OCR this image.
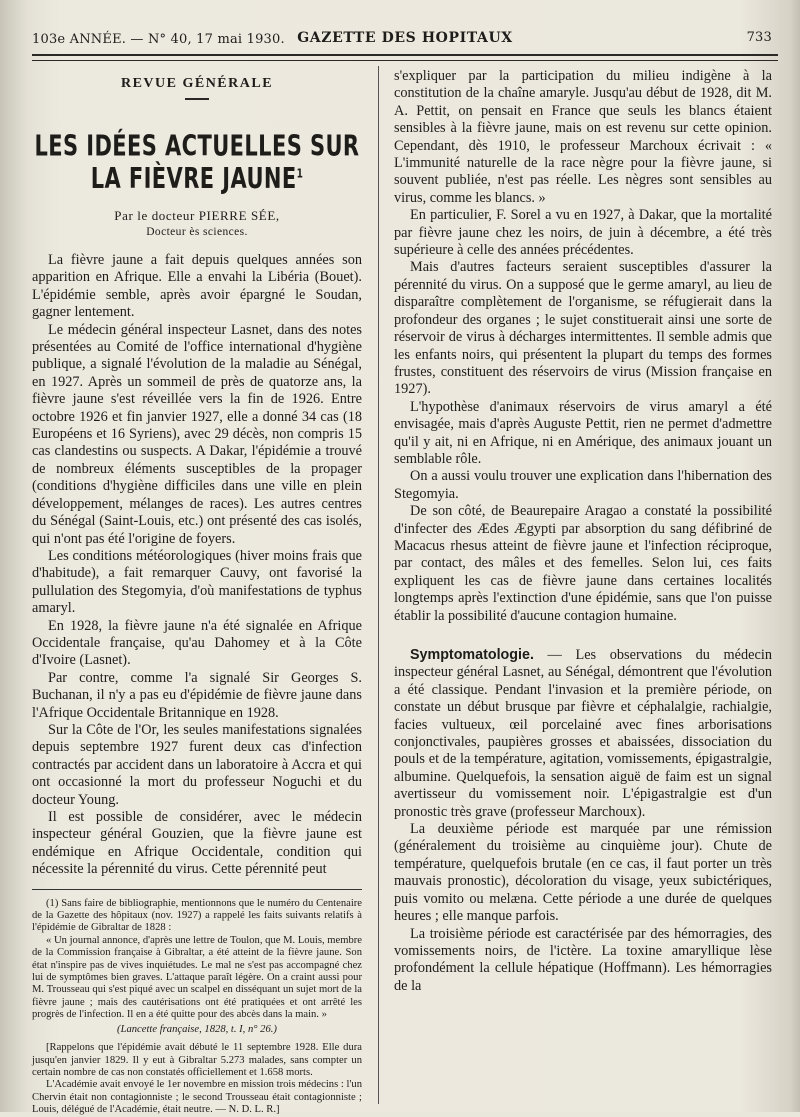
103e ANNÉE. — N° 40, 17 mai 1930. GAZETTE DES HOPITAUX	733
REVUE GÉNÉRALE
LES IDÉES ACTUELLES SUR LA FIÈVRE JAUNE$^1$
Par le docteur PIERRE SÉE,
Docteur ès sciences.

La fièvre jaune a fait depuis quelques années son apparition en Afrique. Elle a envahi la Libéria (Bouet). L'épidémie semble, après avoir épargné le Soudan, gagner lentement.

Le médecin général inspecteur Lasnet, dans des notes présentées au Comité de l'office international d'hygiène publique, a signalé l'évolution de la maladie au Sénégal, en 1927. Après un sommeil de près de quatorze ans, la fièvre jaune s'est réveillée vers la fin de 1926. Entre octobre 1926 et fin janvier 1927, elle a donné 34 cas (18 Européens et 16 Syriens), avec 29 décès, non compris 15 cas clandestins ou suspects. A Dakar, l'épidémie a trouvé de nombreux éléments susceptibles de la propager (conditions d'hygiène difficiles dans une ville en plein développement, mélanges de races). Les autres centres du Sénégal (Saint-Louis, etc.) ont présenté des cas isolés, qui n'ont pas été l'origine de foyers.

Les conditions météorologiques (hiver moins frais que d'habitude), a fait remarquer Cauvy, ont favorisé la pullulation des Stegomyia, d'où manifestations de typhus amaryl.

En 1928, la fièvre jaune n'a été signalée en Afrique Occidentale française, qu'au Dahomey et à la Côte d'Ivoire (Lasnet).

Par contre, comme l'a signalé Sir Georges S. Buchanan, il n'y a pas eu d'épidémie de fièvre jaune dans l'Afrique Occidentale Britannique en 1928.

Sur la Côte de l'Or, les seules manifestations signalées depuis septembre 1927 furent deux cas d'infection contractés par accident dans un laboratoire à Accra et qui ont occasionné la mort du professeur Noguchi et du docteur Young.

Il est possible de considérer, avec le médecin inspecteur général Gouzien, que la fièvre jaune est endémique en Afrique Occidentale, condition qui nécessite la pérennité du virus. Cette pérennité peut

(1) Sans faire de bibliographie, mentionnons que le numéro du Centenaire de la Gazette des hôpitaux (nov. 1927) a rappelé les faits suivants relatifs à l'épidémie de Gibraltar de 1828 :

« Un journal annonce, d'après une lettre de Toulon, que M. Louis, membre de la Commission française à Gibraltar, a été atteint de la fièvre jaune. Son état n'inspire pas de vives inquiétudes. Le mal ne s'est pas accompagné chez lui de symptômes bien graves. L'attaque paraît légère. On a craint aussi pour M. Trousseau qui s'est piqué avec un scalpel en disséquant un sujet mort de la fièvre jaune ; mais des cautérisations ont été pratiquées et ont arrêté les progrès de l'infection. Il en a été quitte pour des abcès dans la main. »

(Lancette française, 1828, t. I, n° 26.)

[Rappelons que l'épidémie avait débuté le 11 septembre 1928. Elle dura jusqu'en janvier 1829. Il y eut à Gibraltar 5.273 malades, sans compter un certain nombre de cas non constatés officiellement et 1.658 morts.

L'Académie avait envoyé le 1er novembre en mission trois médecins : l'un Chervin était non contagionniste ; le second Trousseau était contagionniste ; Louis, délégué de l'Académie, était neutre. — N. D. L. R.]

s'expliquer par la participation du milieu indigène à la constitution de la chaîne amaryle. Jusqu'au début de 1928, dit M. A. Pettit, on pensait en France que seuls les blancs étaient sensibles à la fièvre jaune, mais on est revenu sur cette opinion. Cependant, dès 1910, le professeur Marchoux écrivait : « L'immunité naturelle de la race nègre pour la fièvre jaune, si souvent publiée, n'est pas réelle. Les nègres sont sensibles au virus, comme les blancs. »

En particulier, F. Sorel a vu en 1927, à Dakar, que la mortalité par fièvre jaune chez les noirs, de juin à décembre, a été très supérieure à celle des années précédentes.

Mais d'autres facteurs seraient susceptibles d'assurer la pérennité du virus. On a supposé que le germe amaryl, au lieu de disparaître complètement de l'organisme, se réfugierait dans la profondeur des organes ; le sujet constituerait ainsi une sorte de réservoir de virus à décharges intermittentes. Il semble admis que les enfants noirs, qui présentent la plupart du temps des formes frustes, constituent des réservoirs de virus (Mission française en 1927).

L'hypothèse d'animaux réservoirs de virus amaryl a été envisagée, mais d'après Auguste Pettit, rien ne permet d'admettre qu'il y ait, ni en Afrique, ni en Amérique, des animaux jouant un semblable rôle.

On a aussi voulu trouver une explication dans l'hibernation des Stegomyia.

De son côté, de Beaurepaire Aragao a constaté la possibilité d'infecter des Ædes Ægypti par absorption du sang défibriné de Macacus rhesus atteint de fièvre jaune et l'infection réciproque, par contact, des mâles et des femelles. Selon lui, ces faits expliquent les cas de fièvre jaune dans certaines localités longtemps après l'extinction d'une épidémie, sans que l'on puisse établir la possibilité d'aucune contagion humaine.

Symptomatologie. — Les observations du médecin inspecteur général Lasnet, au Sénégal, démontrent que l'évolution a été classique. Pendant l'invasion et la première période, on constate un début brusque par fièvre et céphalalgie, rachialgie, facies vultueux, œil porcelainé avec fines arborisations conjonctivales, paupières grosses et abaissées, dissociation du pouls et de la température, agitation, vomissements, épigastralgie, albumine. Quelquefois, la sensation aiguë de faim est un signal avertisseur du vomissement noir. L'épigastralgie est d'un pronostic très grave (professeur Marchoux).

La deuxième période est marquée par une rémission (généralement du troisième au cinquième jour). Chute de température, quelquefois brutale (en ce cas, il faut porter un très mauvais pronostic), décoloration du visage, yeux subictériques, puis vomito ou melæna. Cette période a une durée de quelques heures ; elle manque parfois.

La troisième période est caractérisée par des hémorragies, des vomissements noirs, de l'ictère. La toxine amaryllique lèse profondément la cellule hépatique (Hoffmann). Les hémorragies de la
